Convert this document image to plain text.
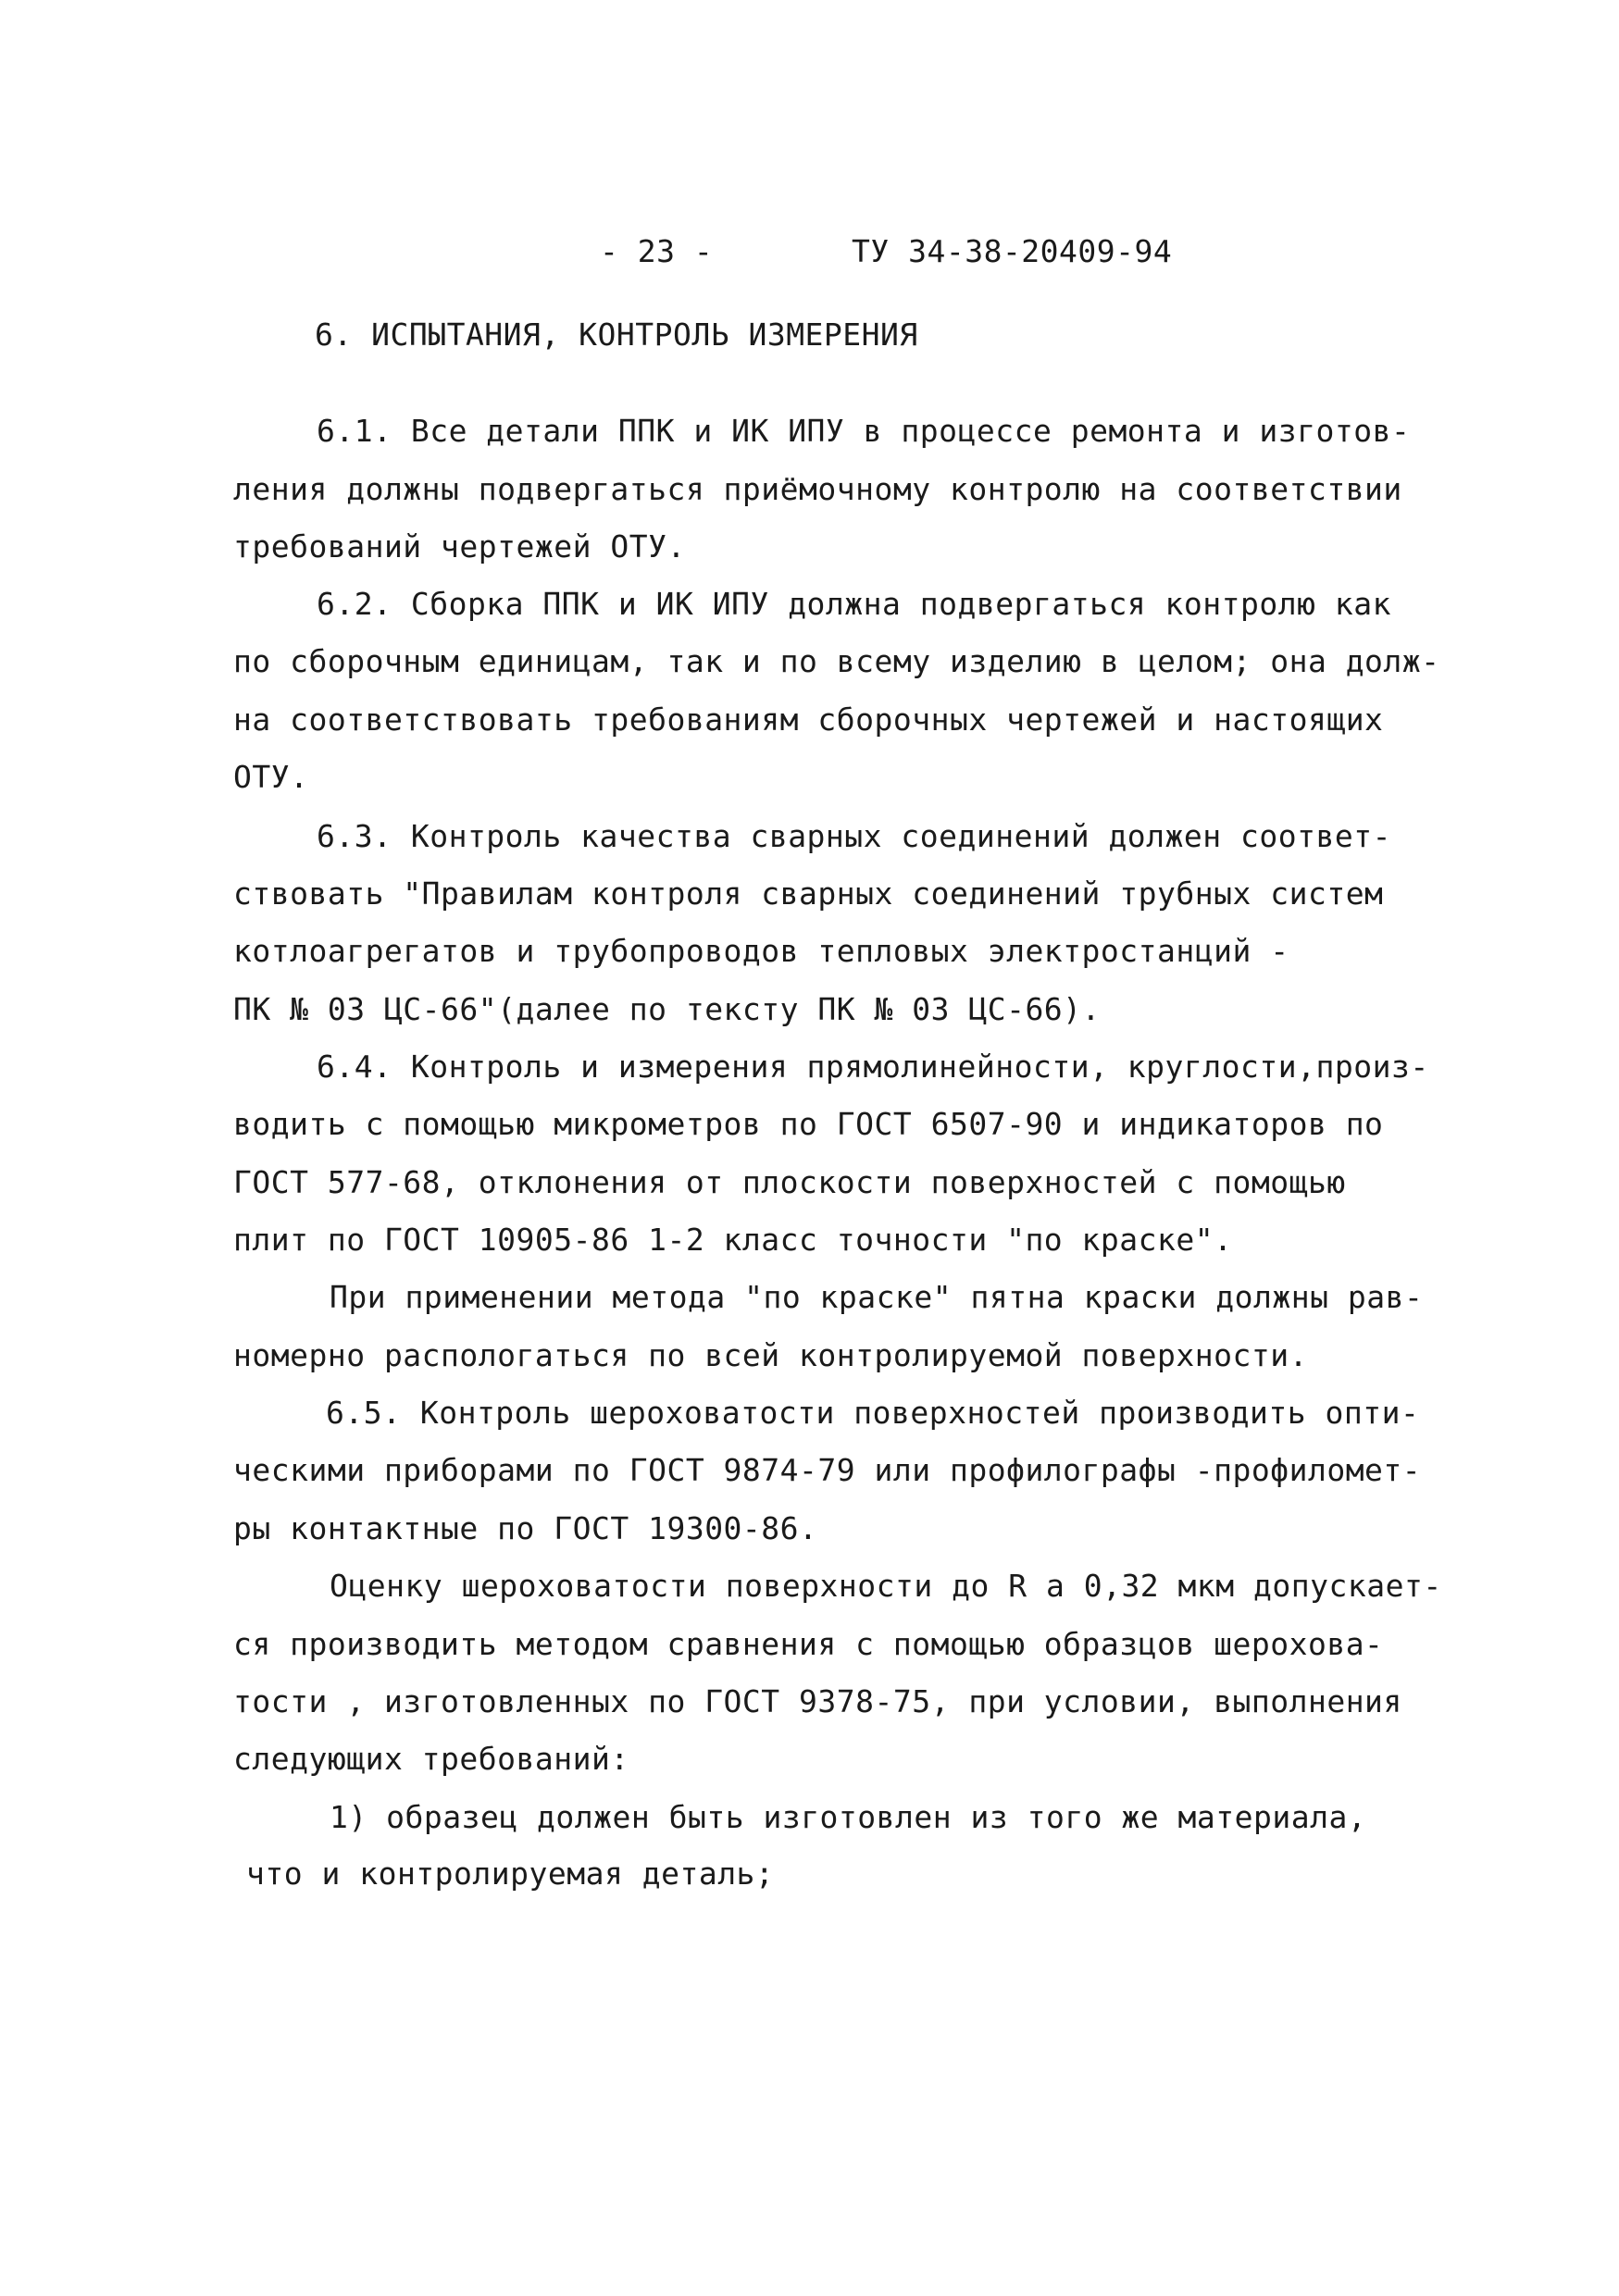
- 23 -	ТУ 34-38-20409-94
6. ИСПЫТАНИЯ, КОНТРОЛЬ ИЗМЕРЕНИЯ
6.1. Все детали ППК и ИК ИПУ в процессе ремонта и изготов-
ления должны подвергаться приёмочному контролю на соответствии
требований чертежей ОТУ.
6.2. Сборка ППК и ИК ИПУ должна подвергаться контролю как
по сборочным единицам, так и по всему изделию в целом; она долж-
на соответствовать требованиям сборочных чертежей и настоящих
ОТУ.
6.3. Контроль качества сварных соединений должен соответ-
ствовать "Правилам контроля сварных соединений трубных систем
котлоагрегатов и трубопроводов тепловых электростанций -
ПК № 03 ЦС-66"(далее по тексту ПК № 03 ЦС-66).
6.4. Контроль и измерения прямолинейности, круглости,произ-
водить с помощью микрометров по ГОСТ 6507-90 и индикаторов по
ГОСТ 577-68, отклонения от плоскости поверхностей с помощью
плит по ГОСТ 10905-86 1-2 класс точности "по краске".
При применении метода "по краске" пятна краски должны рав-
номерно распологаться по всей контролируемой поверхности.
6.5. Контроль шероховатости поверхностей производить опти-
ческими приборами по ГОСТ 9874-79 или профилографы -профиломет-
ры контактные по ГОСТ 19300-86.
Оценку шероховатости поверхности до R а 0,32 мкм допускает-
ся производить методом сравнения с помощью образцов шерохова-
тости , изготовленных по ГОСТ 9378-75, при условии, выполнения
следующих требований:
1) образец должен быть изготовлен из того же материала,
что и контролируемая деталь;
